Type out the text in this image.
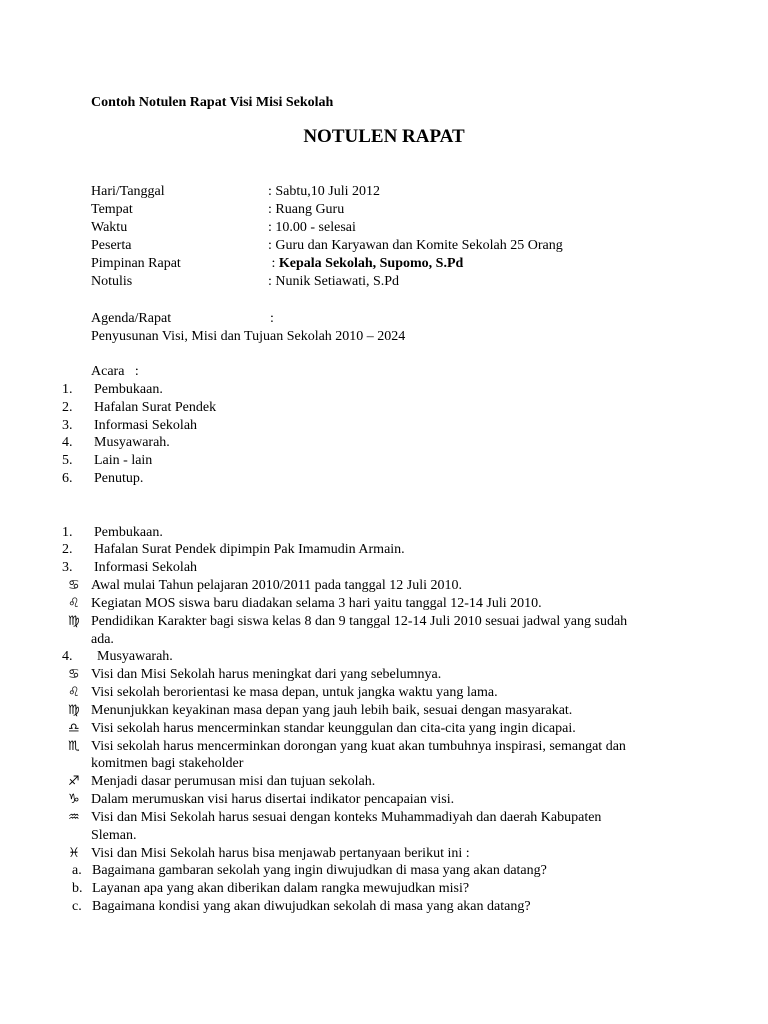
Contoh Notulen Rapat Visi Misi Sekolah
NOTULEN RAPAT
Hari/Tanggal	: Sabtu,10 Juli 2012
Tempat	: Ruang Guru
Waktu	: 10.00 - selesai
Peserta	: Guru dan Karyawan dan Komite Sekolah 25 Orang
Pimpinan Rapat	: Kepala Sekolah, Supomo, S.Pd
Notulis	: Nunik Setiawati, S.Pd
Agenda/Rapat	:
Penyusunan Visi, Misi dan Tujuan Sekolah 2010 – 2024
Acara   :
1. Pembukaan.
2. Hafalan Surat Pendek
3. Informasi Sekolah
4. Musyawarah.
5. Lain - lain
6. Penutup.
1. Pembukaan.
2. Hafalan Surat Pendek dipimpin Pak Imamudin Armain.
3. Informasi Sekolah
♋ Awal mulai Tahun pelajaran 2010/2011 pada tanggal 12 Juli 2010.
♌ Kegiatan MOS siswa baru diadakan selama 3 hari yaitu tanggal 12-14 Juli 2010.
♍ Pendidikan Karakter bagi siswa kelas 8 dan 9 tanggal 12-14 Juli 2010 sesuai jadwal yang sudah
ada.
4. Musyawarah.
♋ Visi dan Misi Sekolah harus meningkat dari yang sebelumnya.
♌ Visi sekolah berorientasi ke masa depan, untuk jangka waktu yang lama.
♍ Menunjukkan keyakinan masa depan yang jauh lebih baik, sesuai dengan masyarakat.
♎ Visi sekolah harus mencerminkan standar keunggulan dan cita-cita yang ingin dicapai.
♏ Visi sekolah harus mencerminkan dorongan yang kuat akan tumbuhnya inspirasi, semangat dan
komitmen bagi stakeholder
♐ Menjadi dasar perumusan misi dan tujuan sekolah.
♑ Dalam merumuskan visi harus disertai indikator pencapaian visi.
♒ Visi dan Misi Sekolah harus sesuai dengan konteks Muhammadiyah dan daerah Kabupaten
Sleman.
♓ Visi dan Misi Sekolah harus bisa menjawab pertanyaan berikut ini :
a. Bagaimana gambaran sekolah yang ingin diwujudkan di masa yang akan datang?
b. Layanan apa yang akan diberikan dalam rangka mewujudkan misi?
c. Bagaimana kondisi yang akan diwujudkan sekolah di masa yang akan datang?
